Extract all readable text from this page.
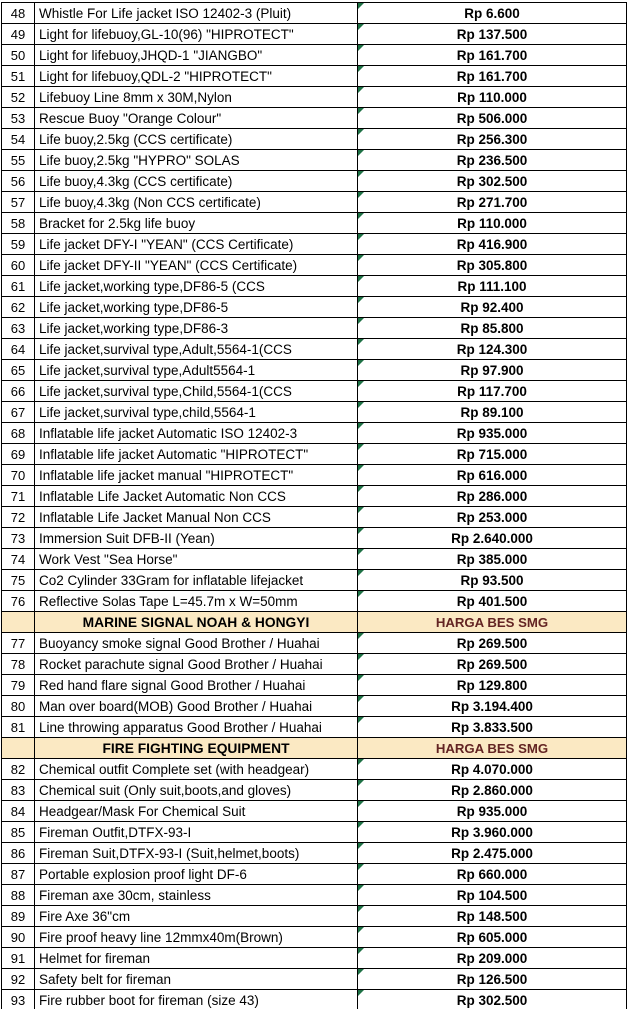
48	Whistle For Life jacket ISO 12402-3 (Pluit)	Rp 6.600
49	Light for lifebuoy,GL-10(96) "HIPROTECT"	Rp 137.500
50	Light for lifebuoy,JHQD-1 "JIANGBO"	Rp 161.700
51	Light for lifebuoy,QDL-2 "HIPROTECT"	Rp 161.700
52	Lifebuoy Line 8mm x 30M,Nylon	Rp 110.000
53	Rescue Buoy "Orange Colour"	Rp 506.000
54	Life buoy,2.5kg (CCS certificate)	Rp 256.300
55	Life buoy,2.5kg "HYPRO" SOLAS	Rp 236.500
56	Life buoy,4.3kg (CCS certificate)	Rp 302.500
57	Life buoy,4.3kg (Non CCS certificate)	Rp 271.700
58	Bracket for 2.5kg life buoy	Rp 110.000
59	Life jacket DFY-I "YEAN" (CCS Certificate)	Rp 416.900
60	Life jacket DFY-II "YEAN" (CCS Certificate)	Rp 305.800
61	Life jacket,working type,DF86-5 (CCS	Rp 111.100
62	Life jacket,working type,DF86-5	Rp 92.400
63	Life jacket,working type,DF86-3	Rp 85.800
64	Life jacket,survival type,Adult,5564-1(CCS	Rp 124.300
65	Life jacket,survival type,Adult5564-1	Rp 97.900
66	Life jacket,survival type,Child,5564-1(CCS	Rp 117.700
67	Life jacket,survival type,child,5564-1	Rp 89.100
68	Inflatable life jacket Automatic ISO 12402-3	Rp 935.000
69	Inflatable life jacket Automatic "HIPROTECT"	Rp 715.000
70	Inflatable life jacket manual "HIPROTECT"	Rp 616.000
71	Inflatable Life Jacket Automatic Non CCS	Rp 286.000
72	Inflatable Life Jacket Manual Non CCS	Rp 253.000
73	Immersion Suit DFB-II (Yean)	Rp 2.640.000
74	Work Vest "Sea Horse"	Rp 385.000
75	Co2 Cylinder 33Gram for inflatable lifejacket	Rp 93.500
76	Reflective Solas Tape L=45.7m x W=50mm	Rp 401.500
	MARINE SIGNAL NOAH & HONGYI	HARGA BES SMG
77	Buoyancy smoke signal Good Brother / Huahai	Rp 269.500
78	Rocket parachute signal Good Brother / Huahai	Rp 269.500
79	Red hand flare signal Good Brother / Huahai	Rp 129.800
80	Man over board(MOB) Good Brother / Huahai	Rp 3.194.400
81	Line throwing apparatus Good Brother / Huahai	Rp 3.833.500
	FIRE FIGHTING EQUIPMENT	HARGA BES SMG
82	Chemical outfit Complete set (with headgear)	Rp 4.070.000
83	Chemical suit (Only suit,boots,and gloves)	Rp 2.860.000
84	Headgear/Mask For Chemical Suit	Rp 935.000
85	Fireman Outfit,DTFX-93-I	Rp 3.960.000
86	Fireman Suit,DTFX-93-I (Suit,helmet,boots)	Rp 2.475.000
87	Portable explosion proof light DF-6	Rp 660.000
88	Fireman axe 30cm, stainless	Rp 104.500
89	Fire Axe 36"cm	Rp 148.500
90	Fire proof heavy line 12mmx40m(Brown)	Rp 605.000
91	Helmet for fireman	Rp 209.000
92	Safety belt for fireman	Rp 126.500
93	Fire rubber boot for fireman (size 43)	Rp 302.500
